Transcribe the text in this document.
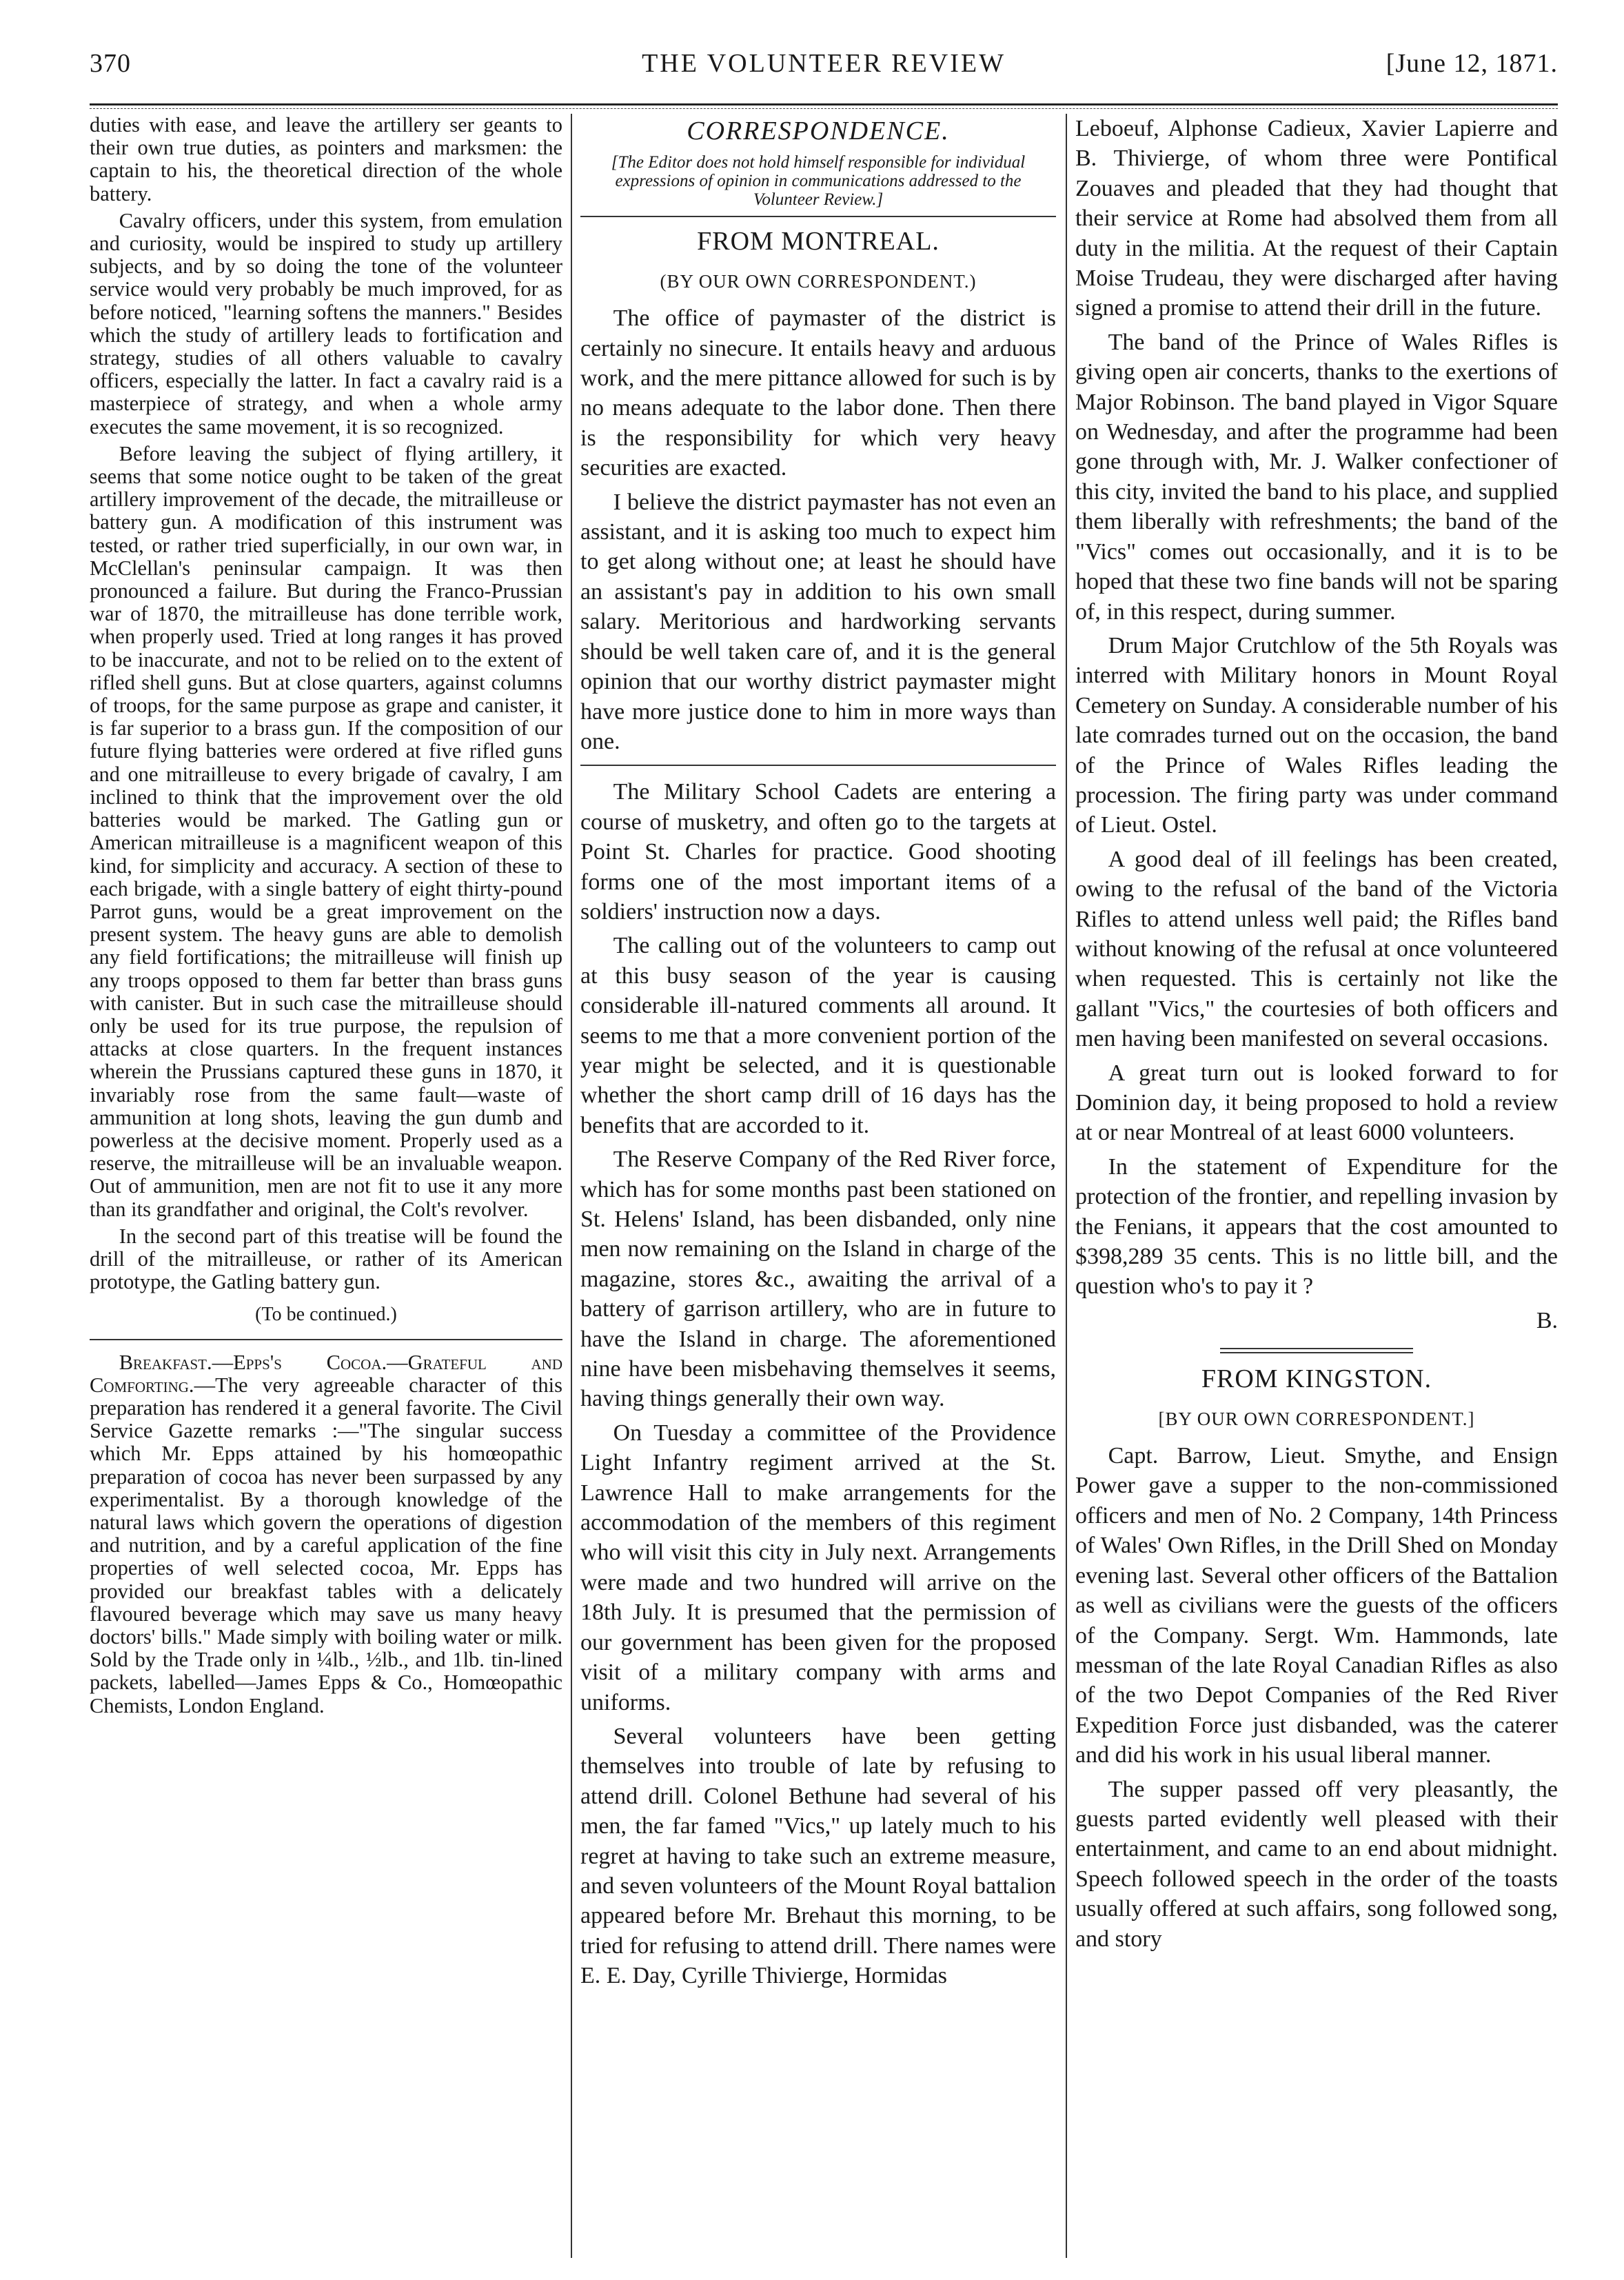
370	THE VOLUNTEER REVIEW	[June 12, 1871.

duties with ease, and leave the artillery ser geants to their own true duties, as pointers and marksmen: the captain to his, the theoretical direction of the whole battery.

Cavalry officers, under this system, from emulation and curiosity, would be inspired to study up artillery subjects, and by so doing the tone of the volunteer service would very probably be much improved, for as before noticed, "learning softens the manners." Besides which the study of artillery leads to fortification and strategy, studies of all others valuable to cavalry officers, especially the latter. In fact a cavalry raid is a masterpiece of strategy, and when a whole army executes the same movement, it is so recognized.

Before leaving the subject of flying artillery, it seems that some notice ought to be taken of the great artillery improvement of the decade, the mitrailleuse or battery gun. A modification of this instrument was tested, or rather tried superficially, in our own war, in McClellan's peninsular campaign. It was then pronounced a failure. But during the Franco-Prussian war of 1870, the mitrailleuse has done terrible work, when properly used. Tried at long ranges it has proved to be inaccurate, and not to be relied on to the extent of rifled shell guns. But at close quarters, against columns of troops, for the same purpose as grape and canister, it is far superior to a brass gun. If the composition of our future flying batteries were ordered at five rifled guns and one mitrailleuse to every brigade of cavalry, I am inclined to think that the improvement over the old batteries would be marked. The Gatling gun or American mitrailleuse is a magnificent weapon of this kind, for simplicity and accuracy. A section of these to each brigade, with a single battery of eight thirty-pound Parrot guns, would be a great improvement on the present system. The heavy guns are able to demolish any field fortifications; the mitrailleuse will finish up any troops opposed to them far better than brass guns with canister. But in such case the mitrailleuse should only be used for its true purpose, the repulsion of attacks at close quarters. In the frequent instances wherein the Prussians captured these guns in 1870, it invariably rose from the same fault—waste of ammunition at long shots, leaving the gun dumb and powerless at the decisive moment. Properly used as a reserve, the mitrailleuse will be an invaluable weapon. Out of ammunition, men are not fit to use it any more than its grandfather and original, the Colt's revolver.

In the second part of this treatise will be found the drill of the mitrailleuse, or rather of its American prototype, the Gatling battery gun.

(To be continued.)

Breakfast.—Epps's Cocoa.—Grateful and Comforting.—The very agreeable character of this preparation has rendered it a general favorite. The Civil Service Gazette remarks :—"The singular success which Mr. Epps attained by his homœopathic preparation of cocoa has never been surpassed by any experimentalist. By a thorough knowledge of the natural laws which govern the operations of digestion and nutrition, and by a careful application of the fine properties of well selected cocoa, Mr. Epps has provided our breakfast tables with a delicately flavoured beverage which may save us many heavy doctors' bills." Made simply with boiling water or milk. Sold by the Trade only in ¼lb., ½lb., and 1lb. tin-lined packets, labelled—James Epps & Co., Homœopathic Chemists, London England.

CORRESPONDENCE.
[The Editor does not hold himself responsible for individual expressions of opinion in communications addressed to the Volunteer Review.]
FROM MONTREAL.
(BY OUR OWN CORRESPONDENT.)

The office of paymaster of the district is certainly no sinecure. It entails heavy and arduous work, and the mere pittance allowed for such is by no means adequate to the labor done. Then there is the responsibility for which very heavy securities are exacted.

I believe the district paymaster has not even an assistant, and it is asking too much to expect him to get along without one; at least he should have an assistant's pay in addition to his own small salary. Meritorious and hardworking servants should be well taken care of, and it is the general opinion that our worthy district paymaster might have more justice done to him in more ways than one.

The Military School Cadets are entering a course of musketry, and often go to the targets at Point St. Charles for practice. Good shooting forms one of the most important items of a soldiers' instruction now a days.

The calling out of the volunteers to camp out at this busy season of the year is causing considerable ill-natured comments all around. It seems to me that a more convenient portion of the year might be selected, and it is questionable whether the short camp drill of 16 days has the benefits that are accorded to it.

The Reserve Company of the Red River force, which has for some months past been stationed on St. Helens' Island, has been disbanded, only nine men now remaining on the Island in charge of the magazine, stores &c., awaiting the arrival of a battery of garrison artillery, who are in future to have the Island in charge. The aforementioned nine have been misbehaving themselves it seems, having things generally their own way.

On Tuesday a committee of the Providence Light Infantry regiment arrived at the St. Lawrence Hall to make arrangements for the accommodation of the members of this regiment who will visit this city in July next. Arrangements were made and two hundred will arrive on the 18th July. It is presumed that the permission of our government has been given for the proposed visit of a military company with arms and uniforms.

Several volunteers have been getting themselves into trouble of late by refusing to attend drill. Colonel Bethune had several of his men, the far famed "Vics," up lately much to his regret at having to take such an extreme measure, and seven volunteers of the Mount Royal battalion appeared before Mr. Brehaut this morning, to be tried for refusing to attend drill. There names were E. E. Day, Cyrille Thivierge, Hormidas

Leboeuf, Alphonse Cadieux, Xavier Lapierre and B. Thivierge, of whom three were Pontifical Zouaves and pleaded that they had thought that their service at Rome had absolved them from all duty in the militia. At the request of their Captain Moise Trudeau, they were discharged after having signed a promise to attend their drill in the future.

The band of the Prince of Wales Rifles is giving open air concerts, thanks to the exertions of Major Robinson. The band played in Vigor Square on Wednesday, and after the programme had been gone through with, Mr. J. Walker confectioner of this city, invited the band to his place, and supplied them liberally with refreshments; the band of the "Vics" comes out occasionally, and it is to be hoped that these two fine bands will not be sparing of, in this respect, during summer.

Drum Major Crutchlow of the 5th Royals was interred with Military honors in Mount Royal Cemetery on Sunday. A considerable number of his late comrades turned out on the occasion, the band of the Prince of Wales Rifles leading the procession. The firing party was under command of Lieut. Ostel.

A good deal of ill feelings has been created, owing to the refusal of the band of the Victoria Rifles to attend unless well paid; the Rifles band without knowing of the refusal at once volunteered when requested. This is certainly not like the gallant "Vics," the courtesies of both officers and men having been manifested on several occasions.

A great turn out is looked forward to for Dominion day, it being proposed to hold a review at or near Montreal of at least 6000 volunteers.

In the statement of Expenditure for the protection of the frontier, and repelling invasion by the Fenians, it appears that the cost amounted to $398,289 35 cents. This is no little bill, and the question who's to pay it ?

B.

FROM KINGSTON.
[BY OUR OWN CORRESPONDENT.]

Capt. Barrow, Lieut. Smythe, and Ensign Power gave a supper to the non-commissioned officers and men of No. 2 Company, 14th Princess of Wales' Own Rifles, in the Drill Shed on Monday evening last. Several other officers of the Battalion as well as civilians were the guests of the officers of the Company. Sergt. Wm. Hammonds, late messman of the late Royal Canadian Rifles as also of the two Depot Companies of the Red River Expedition Force just disbanded, was the caterer and did his work in his usual liberal manner.

The supper passed off very pleasantly, the guests parted evidently well pleased with their entertainment, and came to an end about midnight. Speech followed speech in the order of the toasts usually offered at such affairs, song followed song, and story
